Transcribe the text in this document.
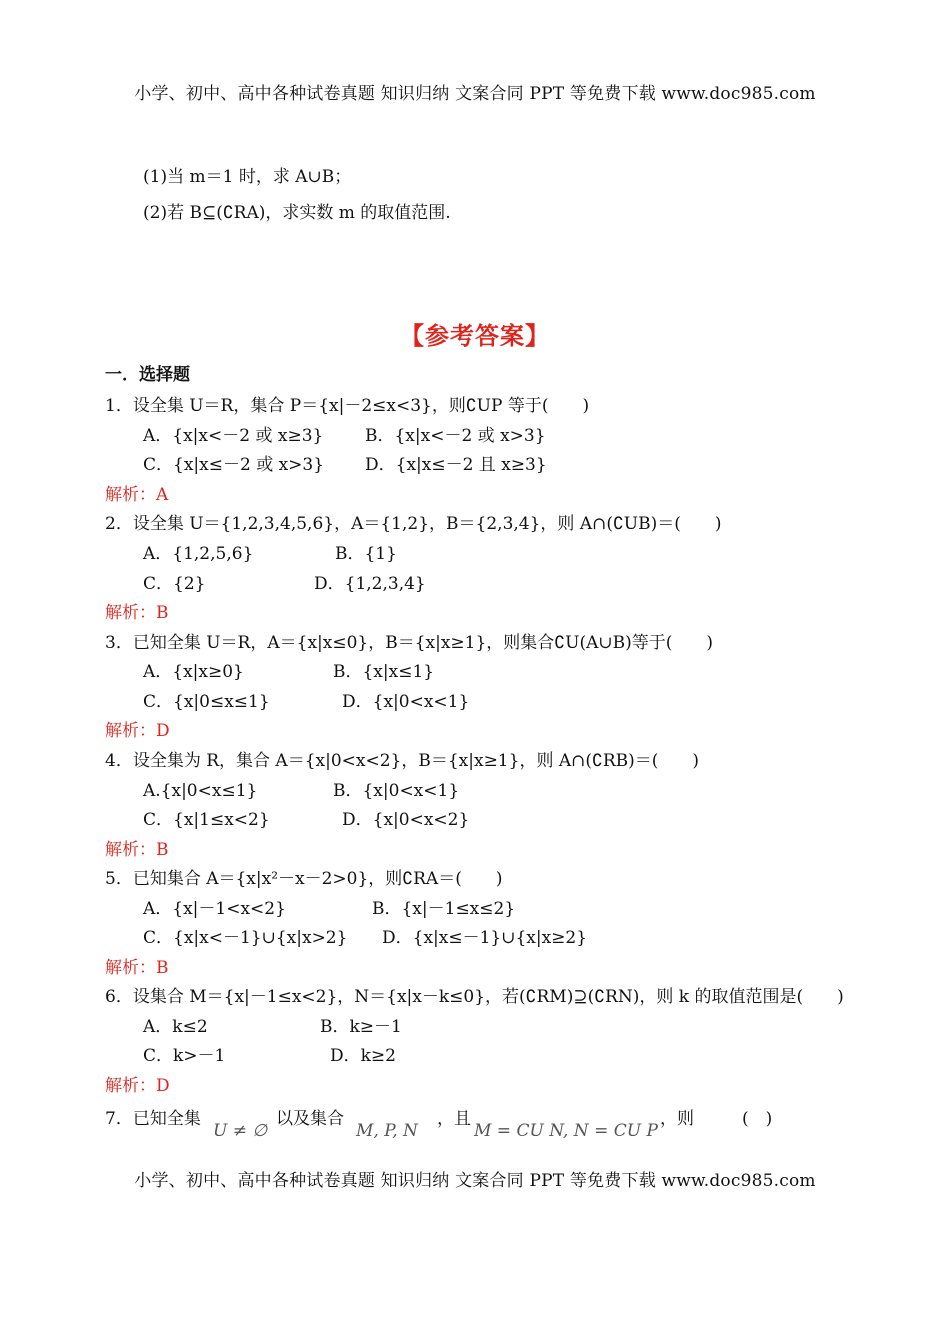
小学、初中、高中各种试卷真题 知识归纳 文案合同 PPT 等免费下载 www.doc985.com
(1)当 m＝1 时，求 A∪B；
(2)若 B⊆(∁RA)，求实数 m 的取值范围.
【参考答案】
一．选择题
1．设全集 U＝R，集合 P＝{x|－2≤x<3}，则∁UP 等于(　　)
A．{x|x<－2 或 x≥3} B．{x|x<－2 或 x>3}
C．{x|x≤－2 或 x>3} D．{x|x≤－2 且 x≥3}
解析：A
2．设全集 U＝{1,2,3,4,5,6}，A＝{1,2}，B＝{2,3,4}，则 A∩(∁UB)＝(　　)
A．{1,2,5,6}	B．{1}
C．{2}	D．{1,2,3,4}
解析：B
3．已知全集 U＝R，A＝{x|x≤0}，B＝{x|x≥1}，则集合∁U(A∪B)等于(　　)
A．{x|x≥0}	B．{x|x≤1}
C．{x|0≤x≤1}	D．{x|0<x<1}
解析：D
4．设全集为 R，集合 A＝{x|0<x<2}，B＝{x|x≥1}，则 A∩(∁RB)＝(　　)
A.{x|0<x≤1}	B．{x|0<x<1}
C．{x|1≤x<2}	D．{x|0<x<2}
解析：B
5．已知集合 A＝{x|x²－x－2>0}，则∁RA＝(　　)
A．{x|－1<x<2}	B．{x|－1≤x≤2}
C．{x|x<－1}∪{x|x>2} D．{x|x≤－1}∪{x|x≥2}
解析：B
6．设集合 M＝{x|－1≤x<2}，N＝{x|x－k≤0}，若(∁RM)⊇(∁RN)，则 k 的取值范围是(　　)
A．k≤2	B．k≥－1
C．k>－1	D．k≥2
解析：D
7．已知全集
U ≠ ∅
以及集合
M, P, N
，且
M = CU N, N = CU P
，则	(　)
小学、初中、高中各种试卷真题 知识归纳 文案合同 PPT 等免费下载 www.doc985.com
